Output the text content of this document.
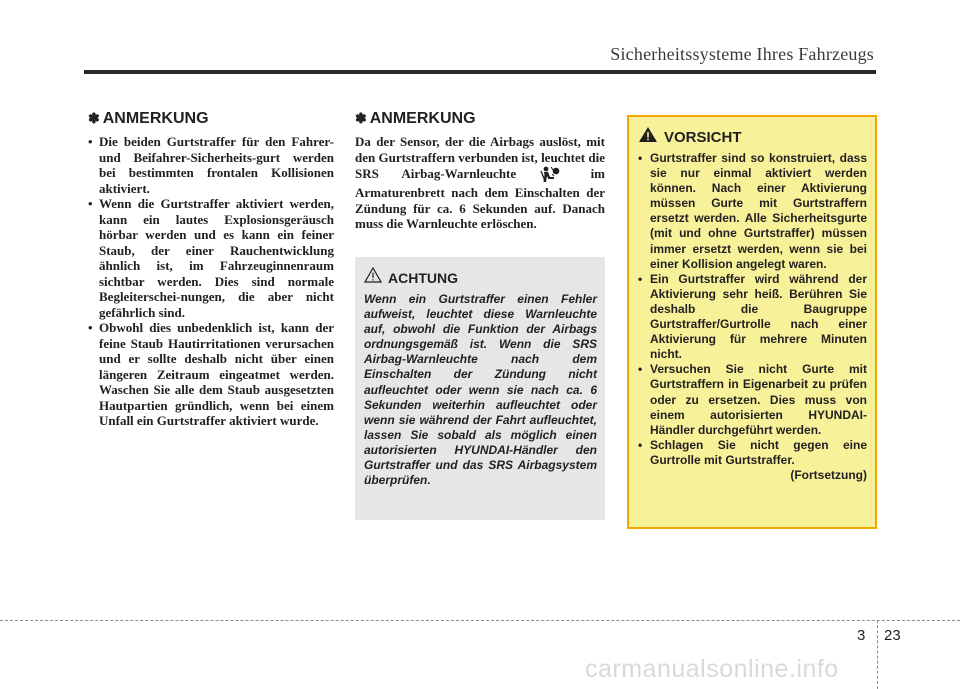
Sicherheitssysteme Ihres Fahrzeugs
✽ ANMERKUNG
• Die beiden Gurtstraffer für den Fahrer- und Beifahrer-Sicherheits-gurt werden bei bestimmten frontalen Kollisionen aktiviert.
• Wenn die Gurtstraffer aktiviert werden, kann ein lautes Explosionsgeräusch hörbar werden und es kann ein feiner Staub, der einer Rauchentwicklung ähnlich ist, im Fahrzeuginnenraum sichtbar werden. Dies sind normale Begleiterschei-nungen, die aber nicht gefährlich sind.
• Obwohl dies unbedenklich ist, kann der feine Staub Hautirritationen verursachen und er sollte deshalb nicht über einen längeren Zeitraum eingeatmet werden. Waschen Sie alle dem Staub ausgesetzten Hautpartien gründlich, wenn bei einem Unfall ein Gurtstraffer aktiviert wurde.
✽ ANMERKUNG

Da der Sensor, der die Airbags auslöst, mit den Gurtstraffern verbunden ist, leuchtet die SRS Airbag-Warnleuchte	im Armaturenbrett nach dem Einschalten der Zündung für ca. 6 Sekunden auf. Danach muss die Warnleuchte erlöschen.

ACHTUNG

Wenn ein Gurtstraffer einen Fehler aufweist, leuchtet diese Warnleuchte auf, obwohl die Funktion der Airbags ordnungsgemäß ist. Wenn die SRS Airbag-Warnleuchte nach dem Einschalten der Zündung nicht aufleuchtet oder wenn sie nach ca. 6 Sekunden weiterhin aufleuchtet oder wenn sie während der Fahrt aufleuchtet, lassen Sie sobald als möglich einen autorisierten HYUNDAI-Händler den Gurtstraffer und das SRS Airbagsystem überprüfen.

VORSICHT
• Gurtstraffer sind so konstruiert, dass sie nur einmal aktiviert werden können. Nach einer Aktivierung müssen Gurte mit Gurtstraffern ersetzt werden. Alle Sicherheitsgurte (mit und ohne Gurtstraffer) müssen immer ersetzt werden, wenn sie bei einer Kollision angelegt waren.
• Ein Gurtstraffer wird während der Aktivierung sehr heiß. Berühren Sie deshalb die Baugruppe Gurtstraffer/Gurtrolle nach einer Aktivierung für mehrere Minuten nicht.
• Versuchen Sie nicht Gurte mit Gurtstraffern in Eigenarbeit zu prüfen oder zu ersetzen. Dies muss von einem autorisierten HYUNDAI-Händler durchgeführt werden.
• Schlagen Sie nicht gegen eine Gurtrolle mit Gurtstraffer.

(Fortsetzung)

3 23
carmanualsonline.info
